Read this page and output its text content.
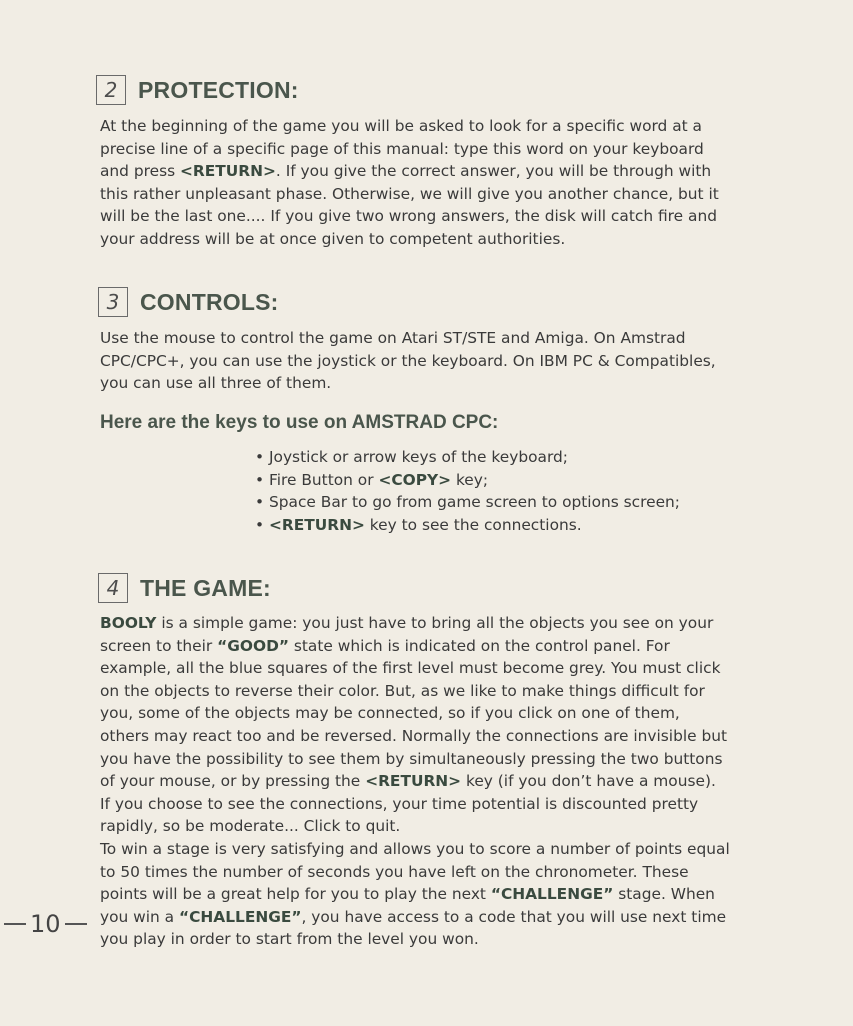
2 PROTECTION:

At the beginning of the game you will be asked to look for a specific word at a precise line of a specific page of this manual: type this word on your keyboard and press <RETURN>. If you give the correct answer, you will be through with this rather unpleasant phase. Otherwise, we will give you another chance, but it will be the last one.... If you give two wrong answers, the disk will catch fire and your address will be at once given to competent authorities.

3 CONTROLS:

Use the mouse to control the game on Atari ST/STE and Amiga. On Amstrad CPC/CPC+, you can use the joystick or the keyboard. On IBM PC & Compatibles, you can use all three of them.

Here are the keys to use on AMSTRAD CPC:
• Joystick or arrow keys of the keyboard;
• Fire Button or <COPY> key;
• Space Bar to go from game screen to options screen;
• <RETURN> key to see the connections.
4 THE GAME:

BOOLY is a simple game: you just have to bring all the objects you see on your screen to their “GOOD” state which is indicated on the control panel. For example, all the blue squares of the first level must become grey. You must click on the objects to reverse their color. But, as we like to make things difficult for you, some of the objects may be connected, so if you click on one of them, others may react too and be reversed. Normally the connections are invisible but you have the possibility to see them by simultaneously pressing the two buttons of your mouse, or by pressing the <RETURN> key (if you don’t have a mouse). If you choose to see the connections, your time potential is discounted pretty rapidly, so be moderate... Click to quit.

To win a stage is very satisfying and allows you to score a number of points equal to 50 times the number of seconds you have left on the chronometer. These points will be a great help for you to play the next “CHALLENGE” stage. When you win a “CHALLENGE”, you have access to a code that you will use next time you play in order to start from the level you won.

10
